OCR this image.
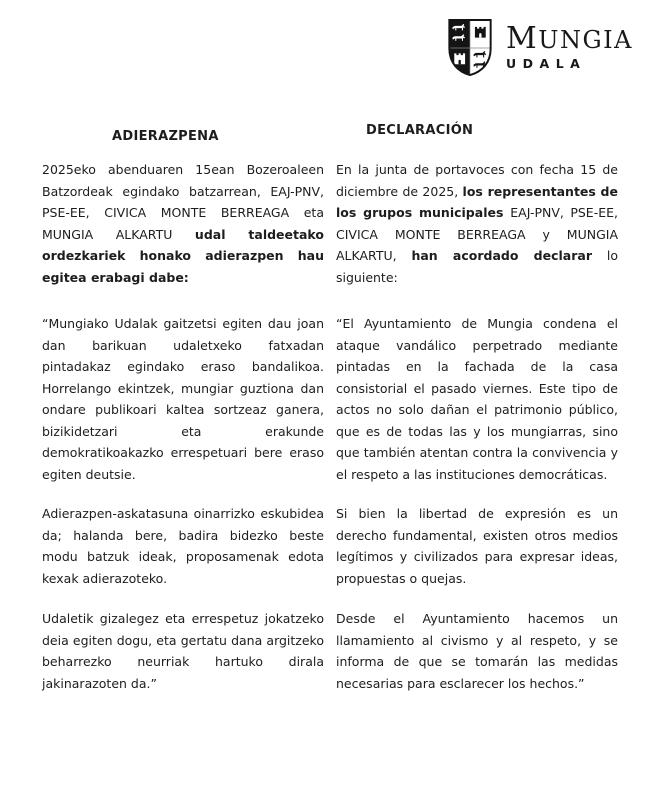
MUNGIA
UDALA
ADIERAZPENA	DECLARACIÓN

2025eko abenduaren 15ean Bozeroaleen Batzordeak egindako batzarrean, EAJ-PNV, PSE-EE, CIVICA MONTE BERREAGA eta MUNGIA ALKARTU udal taldeetako ordezkariek honako adierazpen hau egitea erabagi dabe:

En la junta de portavoces con fecha 15 de diciembre de 2025, los representantes de los grupos municipales EAJ-PNV, PSE-EE, CIVICA MONTE BERREAGA y MUNGIA ALKARTU, han acordado declarar lo siguiente:

“Mungiako Udalak gaitzetsi egiten dau joan dan barikuan udaletxeko fatxadan pintadakaz egindako eraso bandalikoa. Horrelango ekintzek, mungiar guztiona dan ondare publikoari kaltea sortzeaz ganera, bizikidetzari eta erakunde demokratikoakazko errespetuari bere eraso egiten deutsie.

“El Ayuntamiento de Mungia condena el ataque vandálico perpetrado mediante pintadas en la fachada de la casa consistorial el pasado viernes. Este tipo de actos no solo dañan el patrimonio público, que es de todas las y los mungiarras, sino que también atentan contra la convivencia y el respeto a las instituciones democráticas.

Adierazpen-askatasuna oinarrizko eskubidea da; halanda bere, badira bidezko beste modu batzuk ideak, proposamenak edota kexak adierazoteko.

Si bien la libertad de expresión es un derecho fundamental, existen otros medios legítimos y civilizados para expresar ideas, propuestas o quejas.

Udaletik gizalegez eta errespetuz jokatzeko deia egiten dogu, eta gertatu dana argitzeko beharrezko neurriak hartuko dirala jakinarazoten da.”

Desde el Ayuntamiento hacemos un llamamiento al civismo y al respeto, y se informa de que se tomarán las medidas necesarias para esclarecer los hechos.”
